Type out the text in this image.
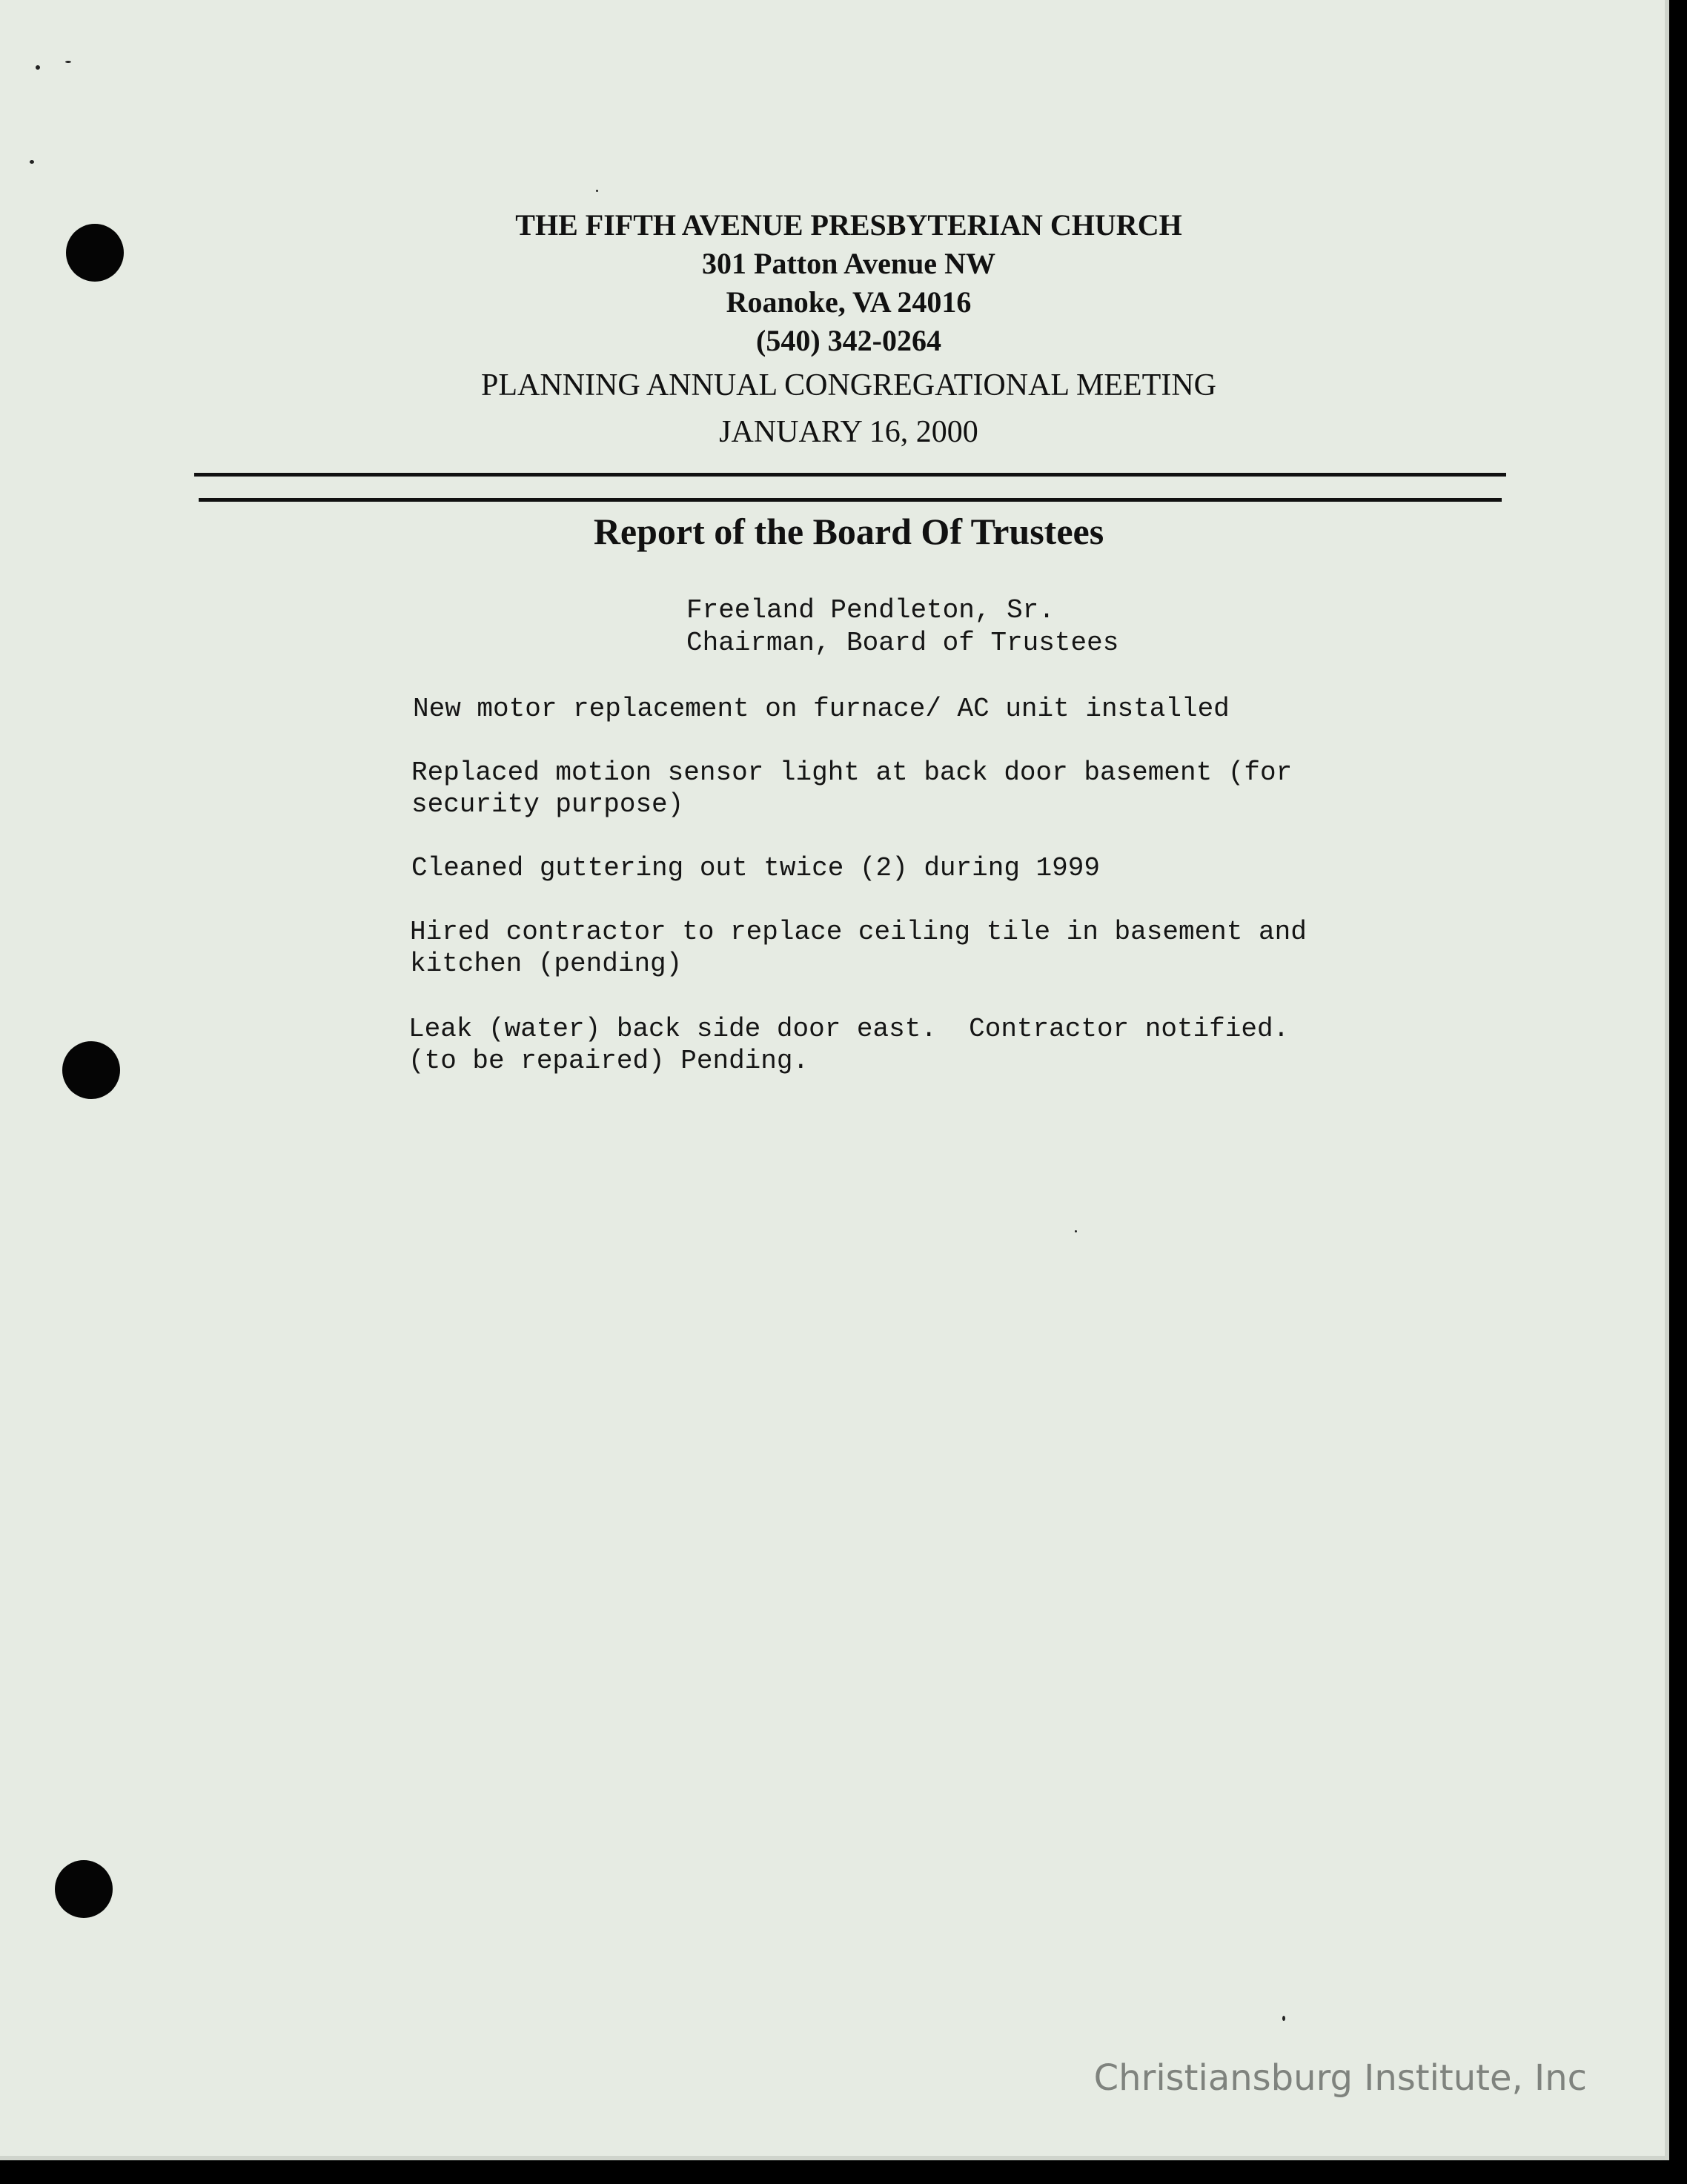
THE FIFTH AVENUE PRESBYTERIAN CHURCH
301 Patton Avenue NW
Roanoke, VA 24016
(540) 342-0264
PLANNING ANNUAL CONGREGATIONAL MEETING
JANUARY 16, 2000
Report of the Board Of Trustees
Freeland Pendleton, Sr.
Chairman, Board of Trustees
New motor replacement on furnace/ AC unit installed
Replaced motion sensor light at back door basement (for
security purpose)
Cleaned guttering out twice (2) during 1999
Hired contractor to replace ceiling tile in basement and
kitchen (pending)
Leak (water) back side door east.  Contractor notified.
(to be repaired) Pending.
Christiansburg Institute, Inc
